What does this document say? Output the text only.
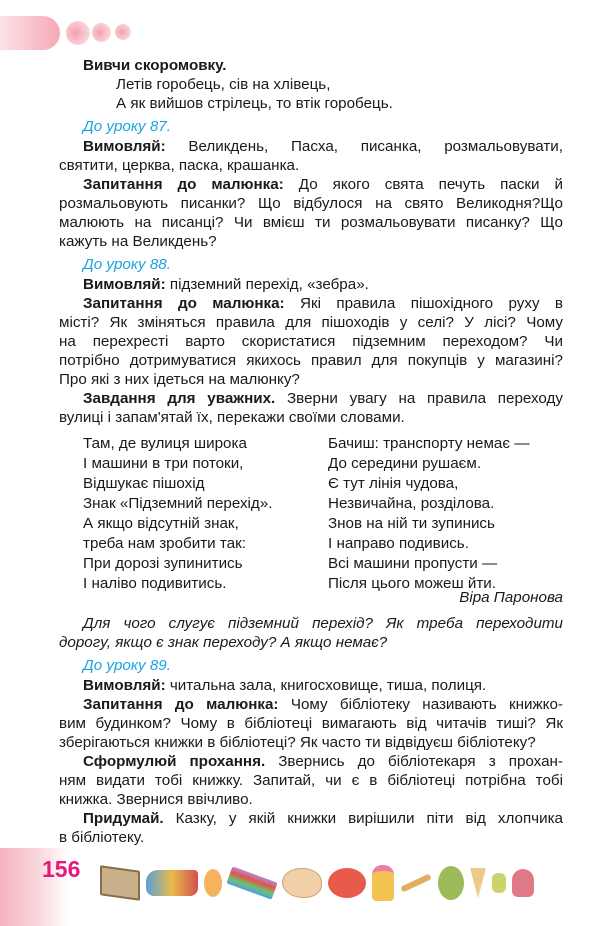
156
Вивчи скоромовку.
Летів горобець, сів на хлівець,
А як вийшов стрілець, то втік горобець.
До уроку 87.
Вимовляй: Великдень, Пасха, писанка, розмальовувати,
святити, церква, паска, крашанка.
Запитання до малюнка: До якого свята печуть паски й
розмальовують писанки? Що відбулося на свято Великодня?Що
малюють на писанці? Чи вмієш ти розмальовувати писанку? Що
кажуть на Великдень?
До уроку 88.
Вимовляй: підземний перехід, «зебра».
Запитання до малюнка: Які правила пішохідного руху в
місті? Як зміняться правила для пішоходів у селі? У лісі? Чому
на перехресті варто скористатися підземним переходом? Чи
потрібно дотримуватися якихось правил для покупців у магазині?
Про які з них ідеться на малюнку?
Завдання для уважних. Зверни увагу на правила переходу
вулиці і запам'ятай їх, перекажи своїми словами.
Там, де вулиця широка
І машини в три потоки,
Відшукає пішохід
Знак «Підземний перехід».
А якщо відсутній знак,
треба нам зробити так:
При дорозі зупинитись
І наліво подивитись.
Бачиш: транспорту немає —
До середини рушаєм.
Є тут лінія чудова,
Незвичайна, розділова.
Знов на ній ти зупинись
І направо подивись.
Всі машини пропусти —
Після цього можеш йти.
Віра Паронова
Для чого слугує підземний перехід? Як треба переходити
дорогу, якщо є знак переходу? А якщо немає?
До уроку 89.
Вимовляй: читальна зала, книгосховище, тиша, полиця.
Запитання до малюнка: Чому бібліотеку називають книжко-
вим будинком? Чому в бібліотеці вимагають від читачів тиші? Як
зберігаються книжки в бібліотеці? Як часто ти відвідуєш бібліотеку?
Сформулюй прохання. Звернись до бібліотекаря з прохан-
ням видати тобі книжку. Запитай, чи є в бібліотеці потрібна тобі
книжка. Звернися ввічливо.
Придумай. Казку, у якій книжки вирішили піти від хлопчика
в бібліотеку.
